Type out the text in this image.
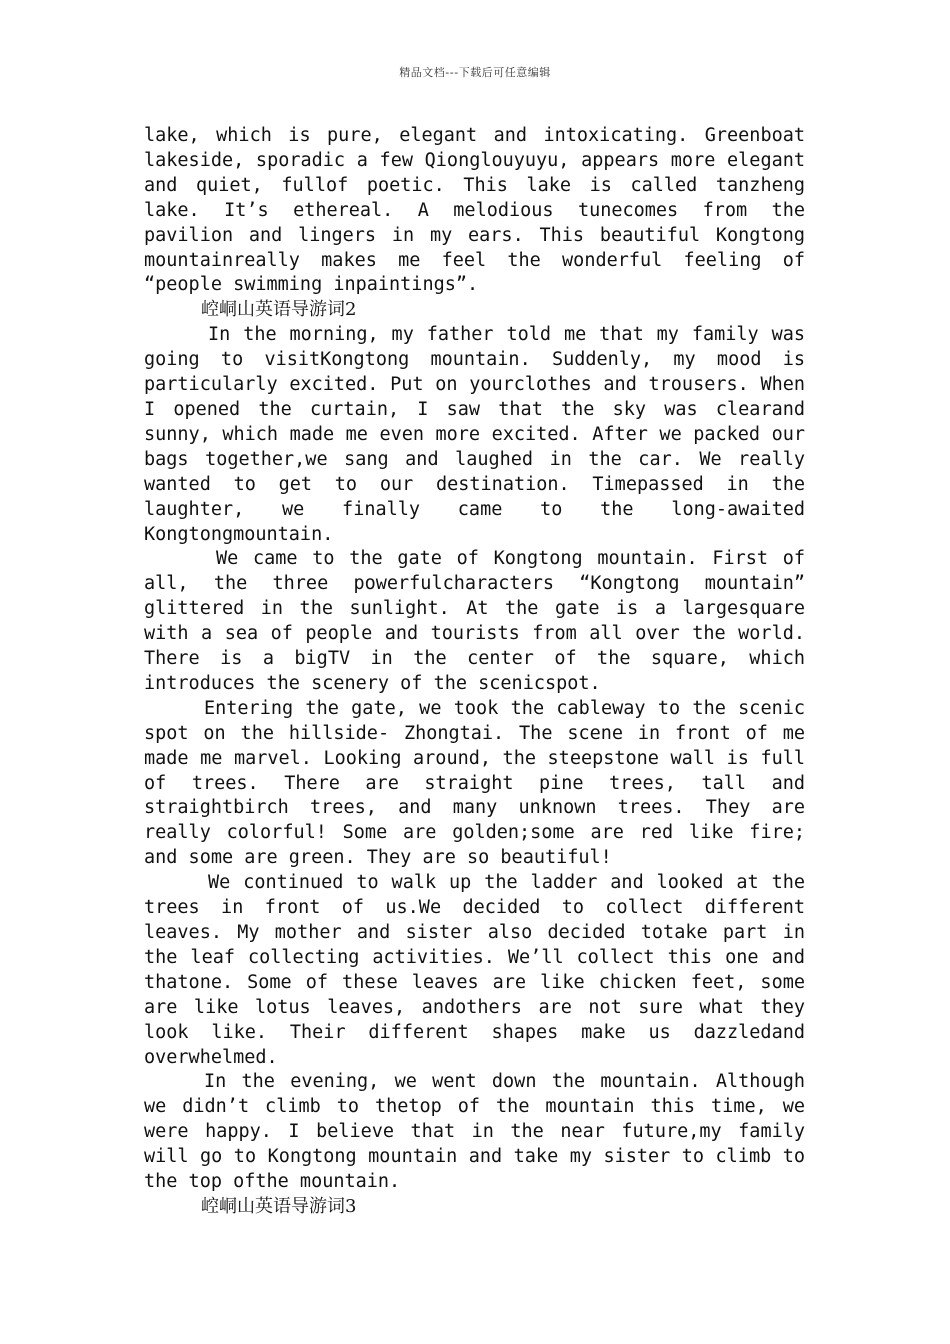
精品文档---下载后可任意编辑

lake, which is pure, elegant and intoxicating. Greenboat lakeside, sporadic a few Qionglouyuyu, appears more elegant and quiet, fullof poetic. This lake is called tanzheng lake. It’s ethereal. A melodious tunecomes from the pavilion and lingers in my ears. This beautiful Kongtong mountainreally makes me feel the wonderful feeling of “people swimming inpaintings”.

崆峒山英语导游词2

In the morning, my father told me that my family was going to visitKongtong mountain. Suddenly, my mood is particularly excited. Put on yourclothes and trousers. When I opened the curtain, I saw that the sky was clearand sunny, which made me even more excited. After we packed our bags together,we sang and laughed in the car. We really wanted to get to our destination. Timepassed in the laughter, we finally came to the long-awaited Kongtongmountain.

We came to the gate of Kongtong mountain. First of all, the three powerfulcharacters “Kongtong mountain” glittered in the sunlight. At the gate is a largesquare with a sea of people and tourists from all over the world. There is a bigTV in the center of the square, which introduces the scenery of the scenicspot.

Entering the gate, we took the cableway to the scenic spot on the hillside- Zhongtai. The scene in front of me made me marvel. Looking around, the steepstone wall is full of trees. There are straight pine trees, tall and straightbirch trees, and many unknown trees. They are really colorful! Some are golden;some are red like fire; and some are green. They are so beautiful!

We continued to walk up the ladder and looked at the trees in front of us.We decided to collect different leaves. My mother and sister also decided totake part in the leaf collecting activities. We’ll collect this one and thatone. Some of these leaves are like chicken feet, some are like lotus leaves, andothers are not sure what they look like. Their different shapes make us dazzledand overwhelmed.

In the evening, we went down the mountain. Although we didn’t climb to thetop of the mountain this time, we were happy. I believe that in the near future,my family will go to Kongtong mountain and take my sister to climb to the top ofthe mountain.

崆峒山英语导游词3
